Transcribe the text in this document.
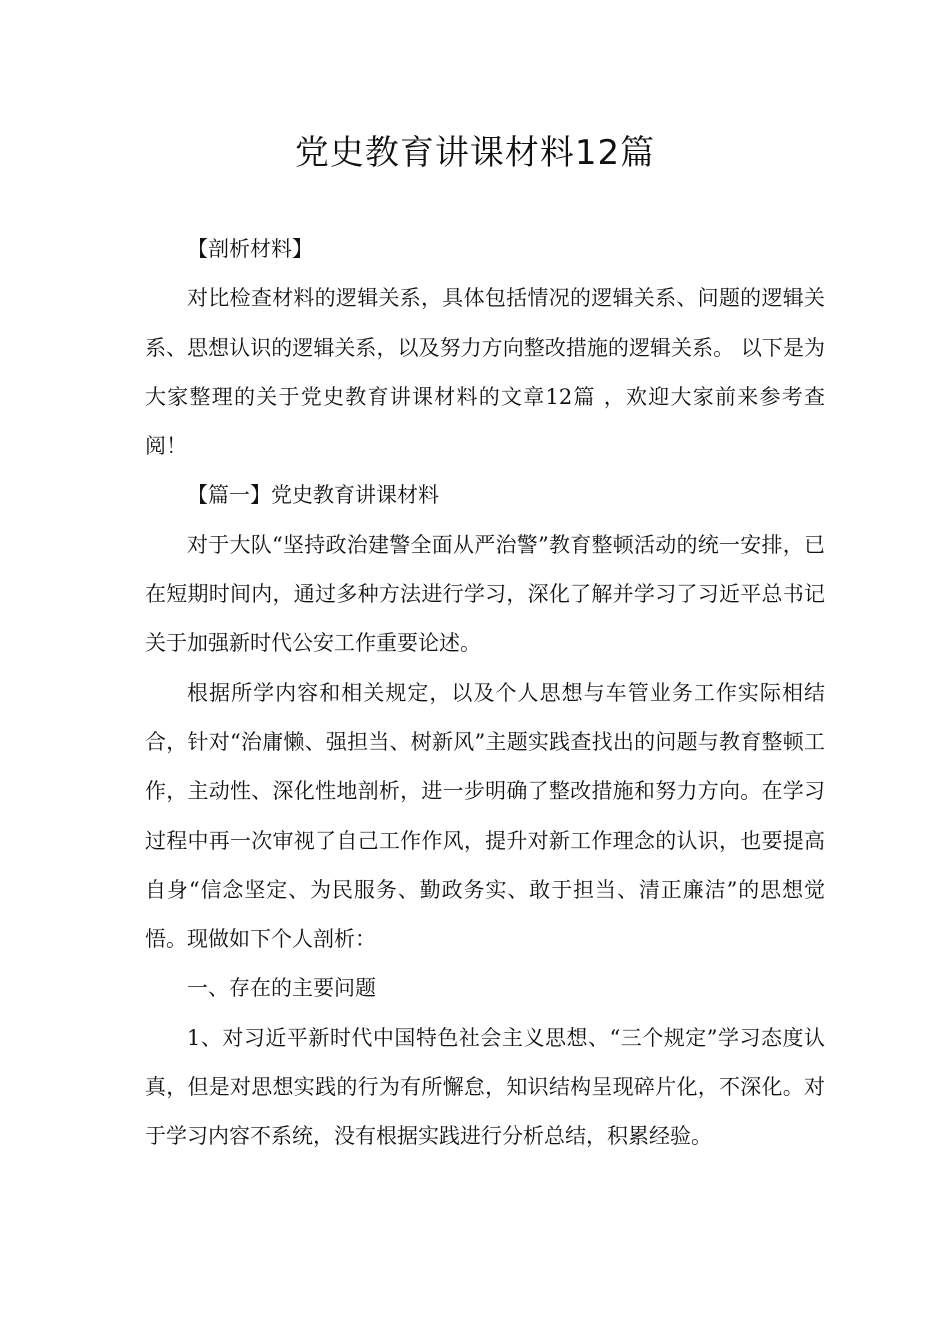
党史教育讲课材料12篇

【剖析材料】

对比检查材料的逻辑关系，具体包括情况的逻辑关系、问题的逻辑关系、思想认识的逻辑关系，以及努力方向整改措施的逻辑关系。 以下是为大家整理的关于党史教育讲课材料的文章12篇 ，欢迎大家前来参考查阅！

【篇一】党史教育讲课材料

对于大队“坚持政治建警全面从严治警”教育整顿活动的统一安排，已在短期时间内，通过多种方法进行学习，深化了解并学习了习近平总书记关于加强新时代公安工作重要论述。

根据所学内容和相关规定，以及个人思想与车管业务工作实际相结合，针对“治庸懒、强担当、树新风”主题实践查找出的问题与教育整顿工作，主动性、深化性地剖析，进一步明确了整改措施和努力方向。在学习过程中再一次审视了自己工作作风，提升对新工作理念的认识，也要提高自身“信念坚定、为民服务、勤政务实、敢于担当、清正廉洁”的思想觉悟。现做如下个人剖析：

一、存在的主要问题

1、对习近平新时代中国特色社会主义思想、“三个规定”学习态度认真，但是对思想实践的行为有所懈怠，知识结构呈现碎片化，不深化。对于学习内容不系统，没有根据实践进行分析总结，积累经验。
